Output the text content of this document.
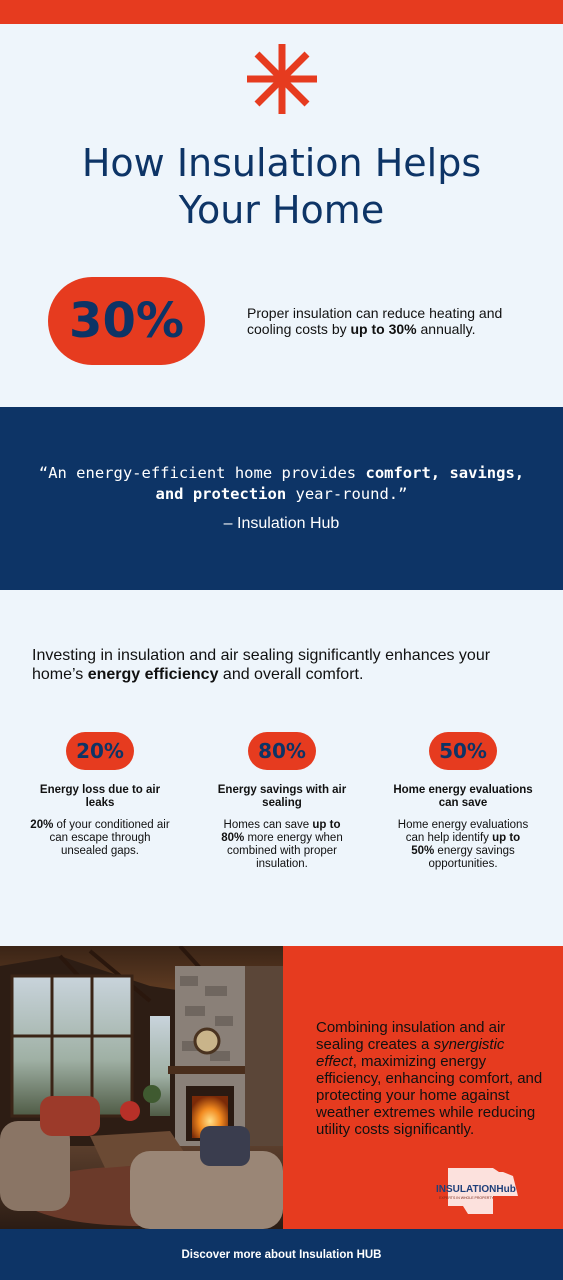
How Insulation Helps
Your Home
30%	Proper insulation can reduce heating and cooling costs by up to 30% annually.

“An energy-efficient home provides comfort, savings,
and protection year-round.”

– Insulation Hub

Investing in insulation and air sealing significantly enhances your home’s energy efficiency and overall comfort.

20%
Energy loss due to air leaks
20% of your conditioned air can escape through unsealed gaps.
80%
Energy savings with air sealing
Homes can save up to 80% more energy when combined with proper insulation.
50%
Home energy evaluations can save
Home energy evaluations can help identify up to 50% energy savings opportunities.

Combining insulation and air sealing creates a synergistic effect, maximizing energy efficiency, enhancing comfort, and protecting your home against weather extremes while reducing utility costs significantly.

INSULATIONHub
EXPERTS IN WHOLE PROPERTY
Discover more about Insulation HUB
